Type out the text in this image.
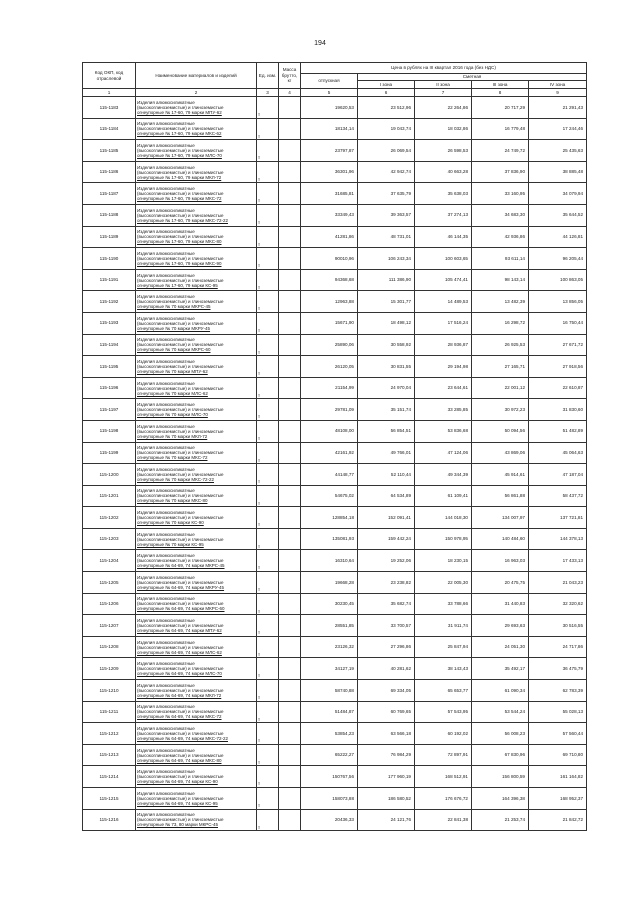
194
Код ОКП, код отраслевой	Наименование материалов и изделий	Ед. изм.	Масса брутто, кг	Цена в рублях на III квартал 2016 года (без НДС)				
				отпускная	Сметная			
					I зона	II зона	III зона	IV зона
1	2	3	4	5	6	7	8	9
115-1183	Изделия алюмосиликатные
(высокоглиноземистые) и глиноземистые
огнеупорные № 17-60, 79 марки МПУ-62	т		19620,53	23 512,96	22 264,86	20 717,29	21 291,43
115-1184	Изделия алюмосиликатные
(высокоглиноземистые) и глиноземистые
огнеупорные № 17-60, 79 марки МКС-62	т		18134,14	19 043,74	18 032,86	16 779,48	17 244,46
115-1185	Изделия алюмосиликатные
(высокоглиноземистые) и глиноземистые
огнеупорные № 17-60, 79 марки МЛС-70	т		23797,87	26 069,54	26 598,53	24 749,72	25 435,63
115-1186	Изделия алюмосиликатные
(высокоглиноземистые) и глиноземистые
огнеупорные № 17-60, 79 марки МКЛ-72	т		36301,96	42 942,74	40 663,28	37 836,90	38 885,48
115-1187	Изделия алюмосиликатные
(высокоглиноземистые) и глиноземистые
огнеупорные № 17-60, 79 марки МКС-72	т		31685,81	37 635,79	35 638,03	33 160,95	34 079,94
115-1188	Изделия алюмосиликатные
(высокоглиноземистые) и глиноземистые
огнеупорные № 17-60, 79 марки МКС-72-22	т		33349,43	39 363,57	37 274,13	34 683,30	35 644,52
115-1189	Изделия алюмосиликатные
(высокоглиноземистые) и глиноземистые
огнеупорные № 17-60, 79 марки МКС-80	т		41281,86	48 731,01	46 144,35	42 936,86	44 126,81
115-1190	Изделия алюмосиликатные
(высокоглиноземистые) и глиноземистые
огнеупорные № 17-60, 79 марки МКС-90	т		90010,96	106 243,34	100 603,65	93 611,14	96 205,44
115-1191	Изделия алюмосиликатные
(высокоглиноземистые) и глиноземистые
огнеупорные № 17-60, 79 марки КС-95	т		94368,68	111 386,90	105 474,41	98 143,14	100 863,05
115-1192	Изделия алюмосиликатные
(высокоглиноземистые) и глиноземистые
огнеупорные № 70 марки МКРС-45	т		12963,88	15 301,77	14 489,53	13 482,39	13 856,05
115-1193	Изделия алюмосиликатные
(высокоглиноземистые) и глиноземистые
огнеупорные № 70 марки МКРУ-45	т		15671,90	18 498,12	17 516,24	16 298,72	16 750,44
115-1194	Изделия алюмосиликатные
(высокоглиноземистые) и глиноземистые
огнеупорные № 70 марки МКРС-60	т		25890,06	30 558,92	28 936,87	26 925,53	27 671,72
115-1195	Изделия алюмосиликатные
(высокоглиноземистые) и глиноземистые
огнеупорные № 70 марки МПУ-62	т		26120,05	30 831,55	29 194,98	27 165,71	27 918,56
115-1196	Изделия алюмосиликатные
(высокоглиноземистые) и глиноземистые
огнеупорные № 70 марки МЛС-62	т		21154,99	24 970,04	23 644,61	22 001,12	22 610,87
115-1197	Изделия алюмосиликатные
(высокоглиноземистые) и глиноземистые
огнеупорные № 70 марки МЛС-70	т		29781,09	35 151,74	33 285,85	30 972,23	31 830,60
115-1198	Изделия алюмосиликатные
(высокоглиноземистые) и глиноземистые
огнеупорные № 70 марки МКЛ-72	т		48108,00	56 854,51	53 836,68	50 094,56	51 482,89
115-1199	Изделия алюмосиликатные
(высокоглиноземистые) и глиноземистые
огнеупорные № 70 марки МКС-72	т		42161,92	49 766,01	47 124,06	43 869,06	45 064,63
115-1200	Изделия алюмосиликатные
(высокоглиноземистые) и глиноземистые
огнеупорные № 70 марки МКС-72-22	т		44148,77	52 110,44	49 344,39	45 914,61	47 187,04
115-1201	Изделия алюмосиликатные
(высокоглиноземистые) и глиноземистые
огнеупорные № 70 марки МКС-80	т		54675,02	64 534,89	61 109,41	56 861,88	58 437,72
115-1202	Изделия алюмосиликатные
(высокоглиноземистые) и глиноземистые
огнеупорные № 70 марки КС-90	т		128854,18	152 091,41	144 018,30	134 007,97	137 721,81
115-1203	Изделия алюмосиликатные
(высокоглиноземистые) и глиноземистые
огнеупорные № 70 марки КС-95	т		135081,93	159 442,24	150 978,95	140 484,60	144 378,13
115-1204	Изделия алюмосиликатные
(высокоглиноземистые) и глиноземистые
огнеупорные № 64-69, 74 марки МКРС-45	т		16310,64	19 252,06	18 230,15	16 963,03	17 433,13
115-1205	Изделия алюмосиликатные
(высокоглиноземистые) и глиноземистые
огнеупорные № 64-69, 74 марки МКРУ-45	т		19668,28	23 238,82	22 005,30	20 475,75	21 043,23
115-1206	Изделия алюмосиликатные
(высокоглиноземистые) и глиноземистые
огнеупорные № 64-69, 74 марки МКРС-60	т		30230,45	35 682,74	33 788,66	31 440,83	32 320,62
115-1207	Изделия алюмосиликатные
(высокоглиноземистые) и глиноземистые
огнеупорные № 64-69, 74 марки МПУ-62	т		28551,85	33 700,57	31 911,74	29 693,63	30 516,55
115-1208	Изделия алюмосиликатные
(высокоглиноземистые) и глиноземистые
огнеупорные № 64-69, 74 марки МЛС-62	т		23126,32	27 296,86	25 847,94	24 051,30	24 717,86
115-1209	Изделия алюмосиликатные
(высокоглиноземистые) и глиноземистые
огнеупорные № 64-69, 74 марки МЛС-70	т		34127,19	40 281,62	38 143,43	35 492,17	36 475,79
115-1210	Изделия алюмосиликатные
(высокоглиноземистые) и глиноземистые
огнеупорные № 64-69, 74 марки МКЛ-72	т		58740,88	69 334,05	65 653,77	61 090,34	62 783,39
115-1211	Изделия алюмосиликатные
(высокоглиноземистые) и глиноземистые
огнеупорные № 64-69, 74 марки МКС-72	т		51484,87	60 769,65	57 543,95	53 544,24	55 028,13
115-1212	Изделия алюмосиликатные
(высокоглиноземистые) и глиноземистые
огнеупорные № 64-69, 74 марки МКС-72-22	т		53854,23	63 566,18	60 192,02	56 008,23	57 560,44
115-1213	Изделия алюмосиликатные
(высокоглиноземистые) и глиноземистые
огнеупорные № 64-69, 74 марки МКС-80	т		65222,27	76 984,29	72 897,91	67 830,96	69 710,80
115-1214	Изделия алюмосиликатные
(высокоглиноземистые) и глиноземистые
огнеупорные № 64-69, 74 марки КС-90	т		150767,56	177 960,19	168 512,91	156 800,59	161 164,82
115-1215	Изделия алюмосиликатные
(высокоглиноземистые) и глиноземистые
огнеупорные № 64-69, 74 марки КС-95	т		158073,88	186 580,52	176 676,72	164 396,38	168 952,37
115-1216	Изделия алюмосиликатные
(высокоглиноземистые) и глиноземистые
огнеупорные № 73, 80 марки МКРС-45	т		20436,33	24 121,76	22 841,38	21 253,74	21 842,72
